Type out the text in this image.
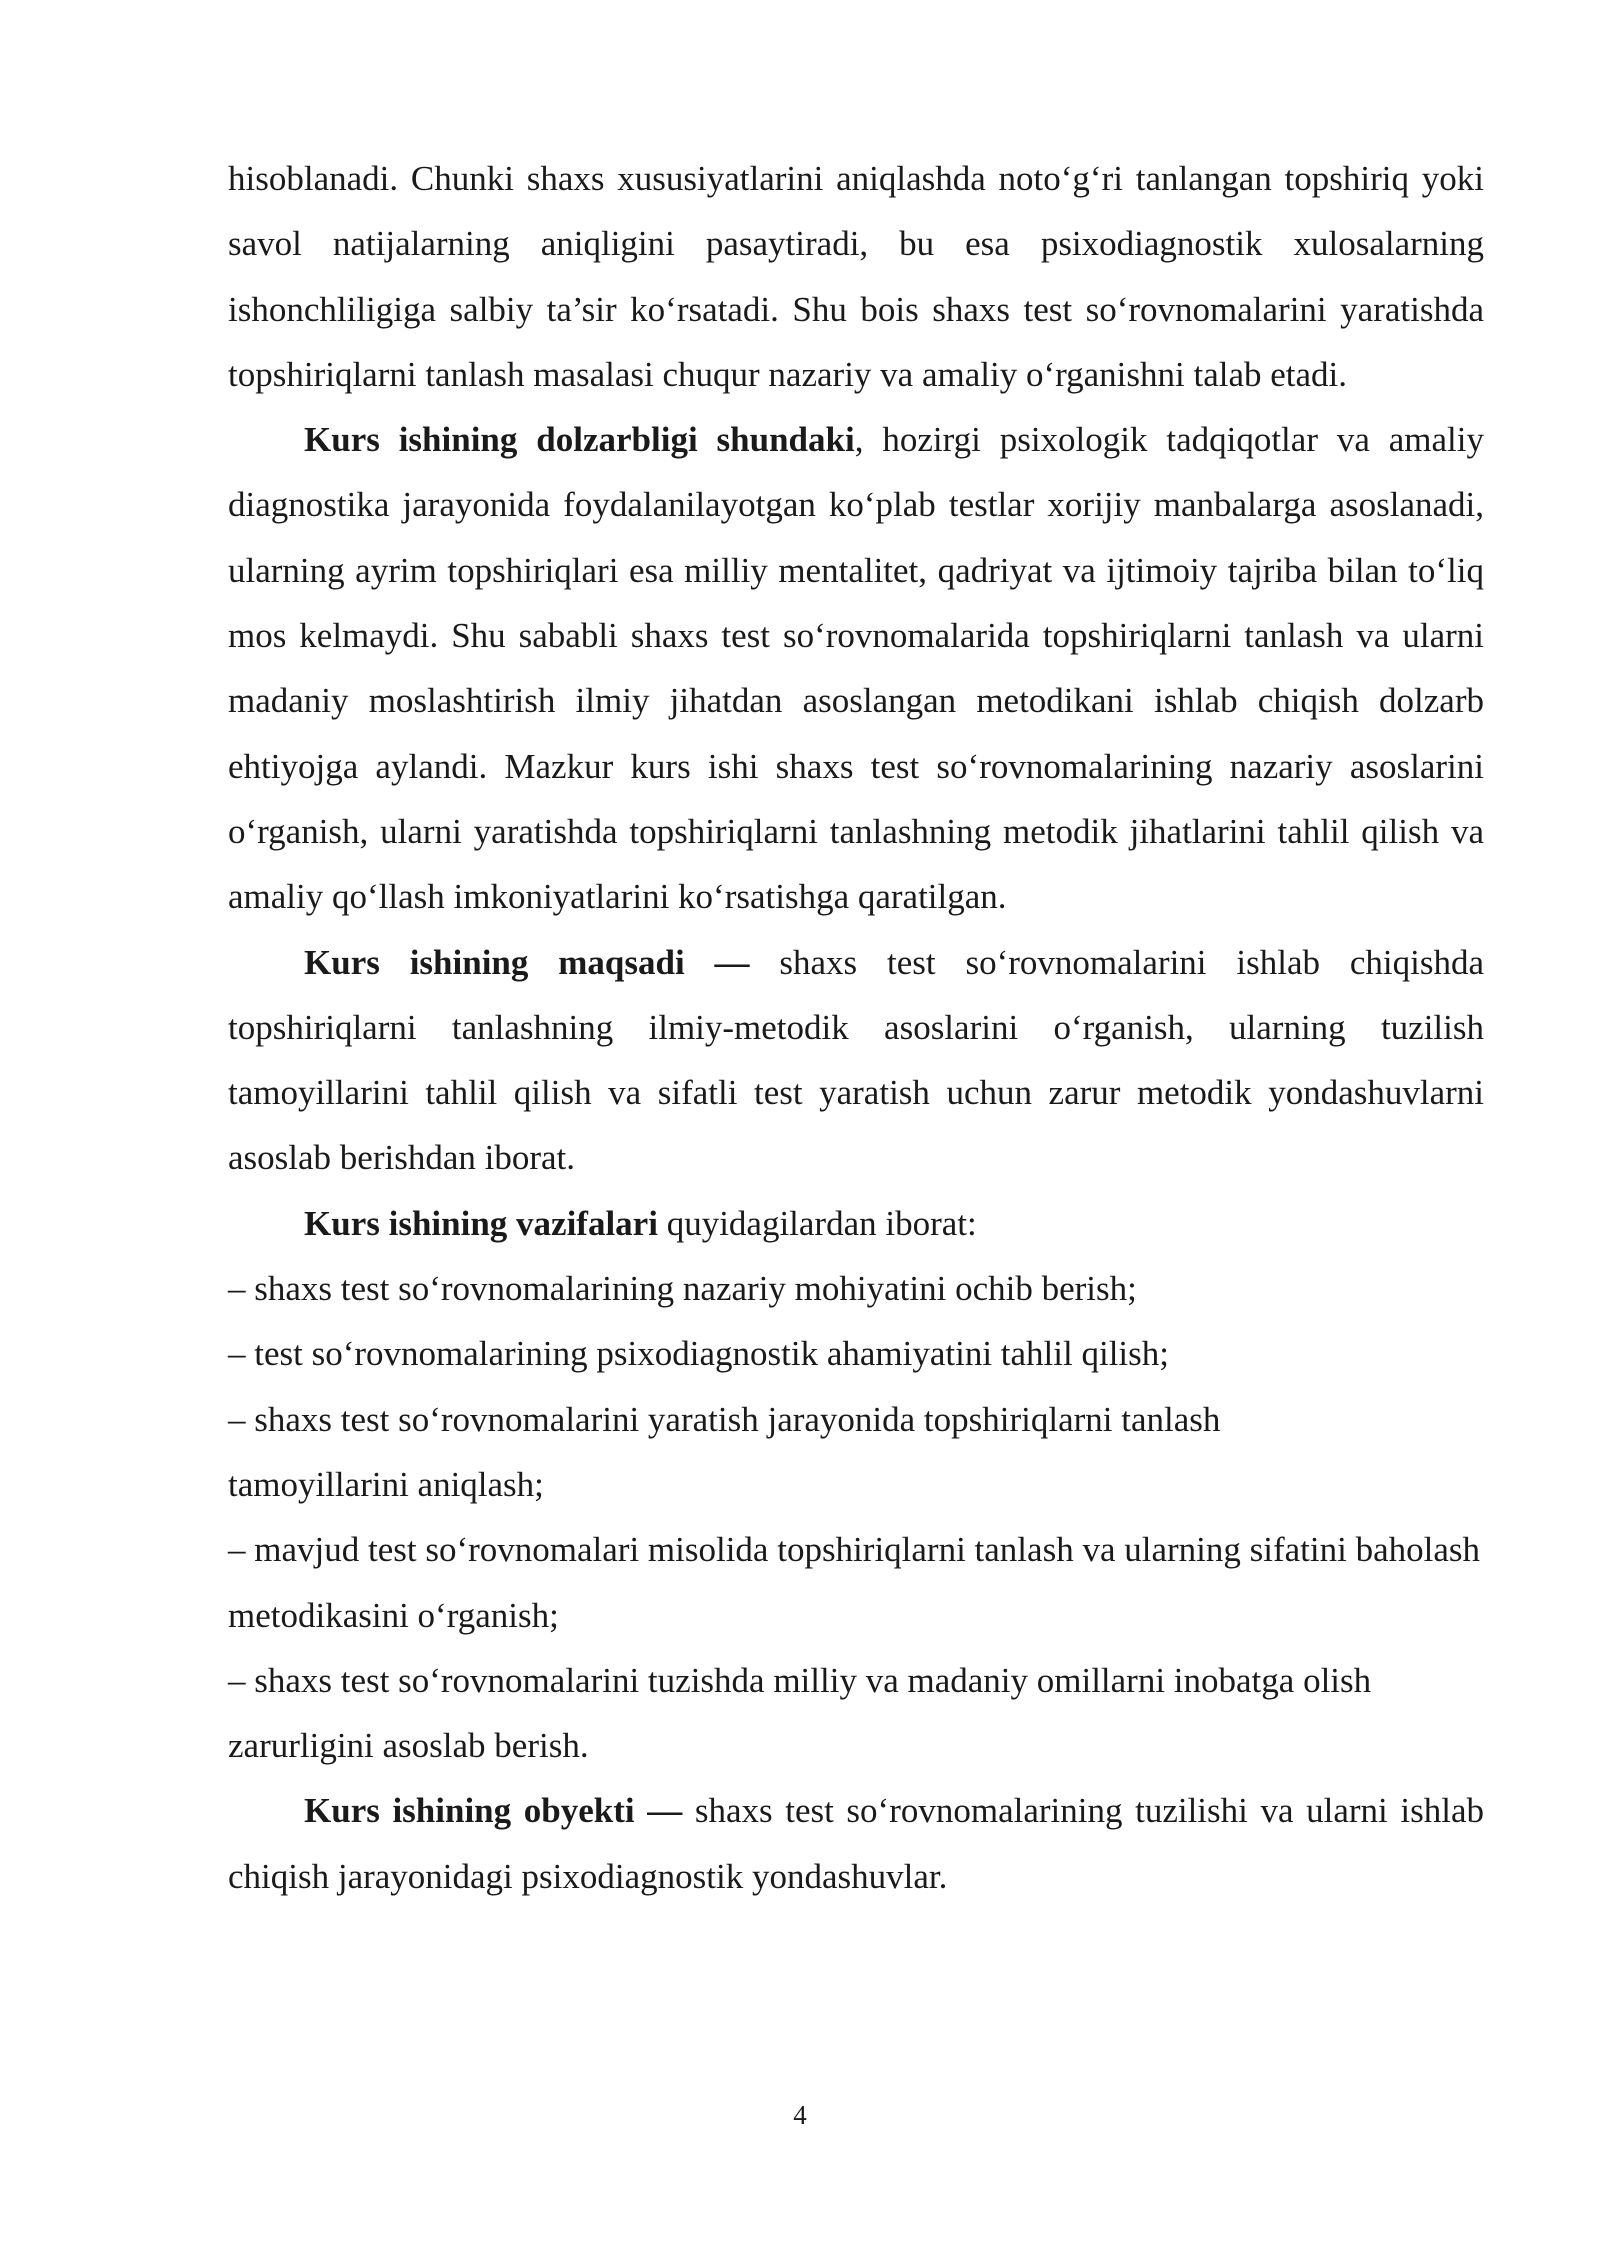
hisoblanadi. Chunki shaxs xususiyatlarini aniqlashda noto‘g‘ri tanlangan topshiriq yoki savol natijalarning aniqligini pasaytiradi, bu esa psixodiagnostik xulosalarning ishonchliligiga salbiy ta’sir ko‘rsatadi. Shu bois shaxs test so‘rovnomalarini yaratishda topshiriqlarni tanlash masalasi chuqur nazariy va amaliy o‘rganishni talab etadi.

Kurs ishining dolzarbligi shundaki, hozirgi psixologik tadqiqotlar va amaliy diagnostika jarayonida foydalanilayotgan ko‘plab testlar xorijiy manbalarga asoslanadi, ularning ayrim topshiriqlari esa milliy mentalitet, qadriyat va ijtimoiy tajriba bilan to‘liq mos kelmaydi. Shu sababli shaxs test so‘rovnomalarida topshiriqlarni tanlash va ularni madaniy moslashtirish ilmiy jihatdan asoslangan metodikani ishlab chiqish dolzarb ehtiyojga aylandi. Mazkur kurs ishi shaxs test so‘rovnomalarining nazariy asoslarini o‘rganish, ularni yaratishda topshiriqlarni tanlashning metodik jihatlarini tahlil qilish va amaliy qo‘llash imkoniyatlarini ko‘rsatishga qaratilgan.

Kurs ishining maqsadi — shaxs test so‘rovnomalarini ishlab chiqishda topshiriqlarni tanlashning ilmiy-metodik asoslarini o‘rganish, ularning tuzilish tamoyillarini tahlil qilish va sifatli test yaratish uchun zarur metodik yondashuvlarni asoslab berishdan iborat.

Kurs ishining vazifalari quyidagilardan iborat:

– shaxs test so‘rovnomalarining nazariy mohiyatini ochib berish;

– test so‘rovnomalarining psixodiagnostik ahamiyatini tahlil qilish;

– shaxs test so‘rovnomalarini yaratish jarayonida topshiriqlarni tanlash tamoyillarini aniqlash;

– mavjud test so‘rovnomalari misolida topshiriqlarni tanlash va ularning sifatini baholash metodikasini o‘rganish;

– shaxs test so‘rovnomalarini tuzishda milliy va madaniy omillarni inobatga olish zarurligini asoslab berish.

Kurs ishining obyekti — shaxs test so‘rovnomalarining tuzilishi va ularni ishlab chiqish jarayonidagi psixodiagnostik yondashuvlar.

4
